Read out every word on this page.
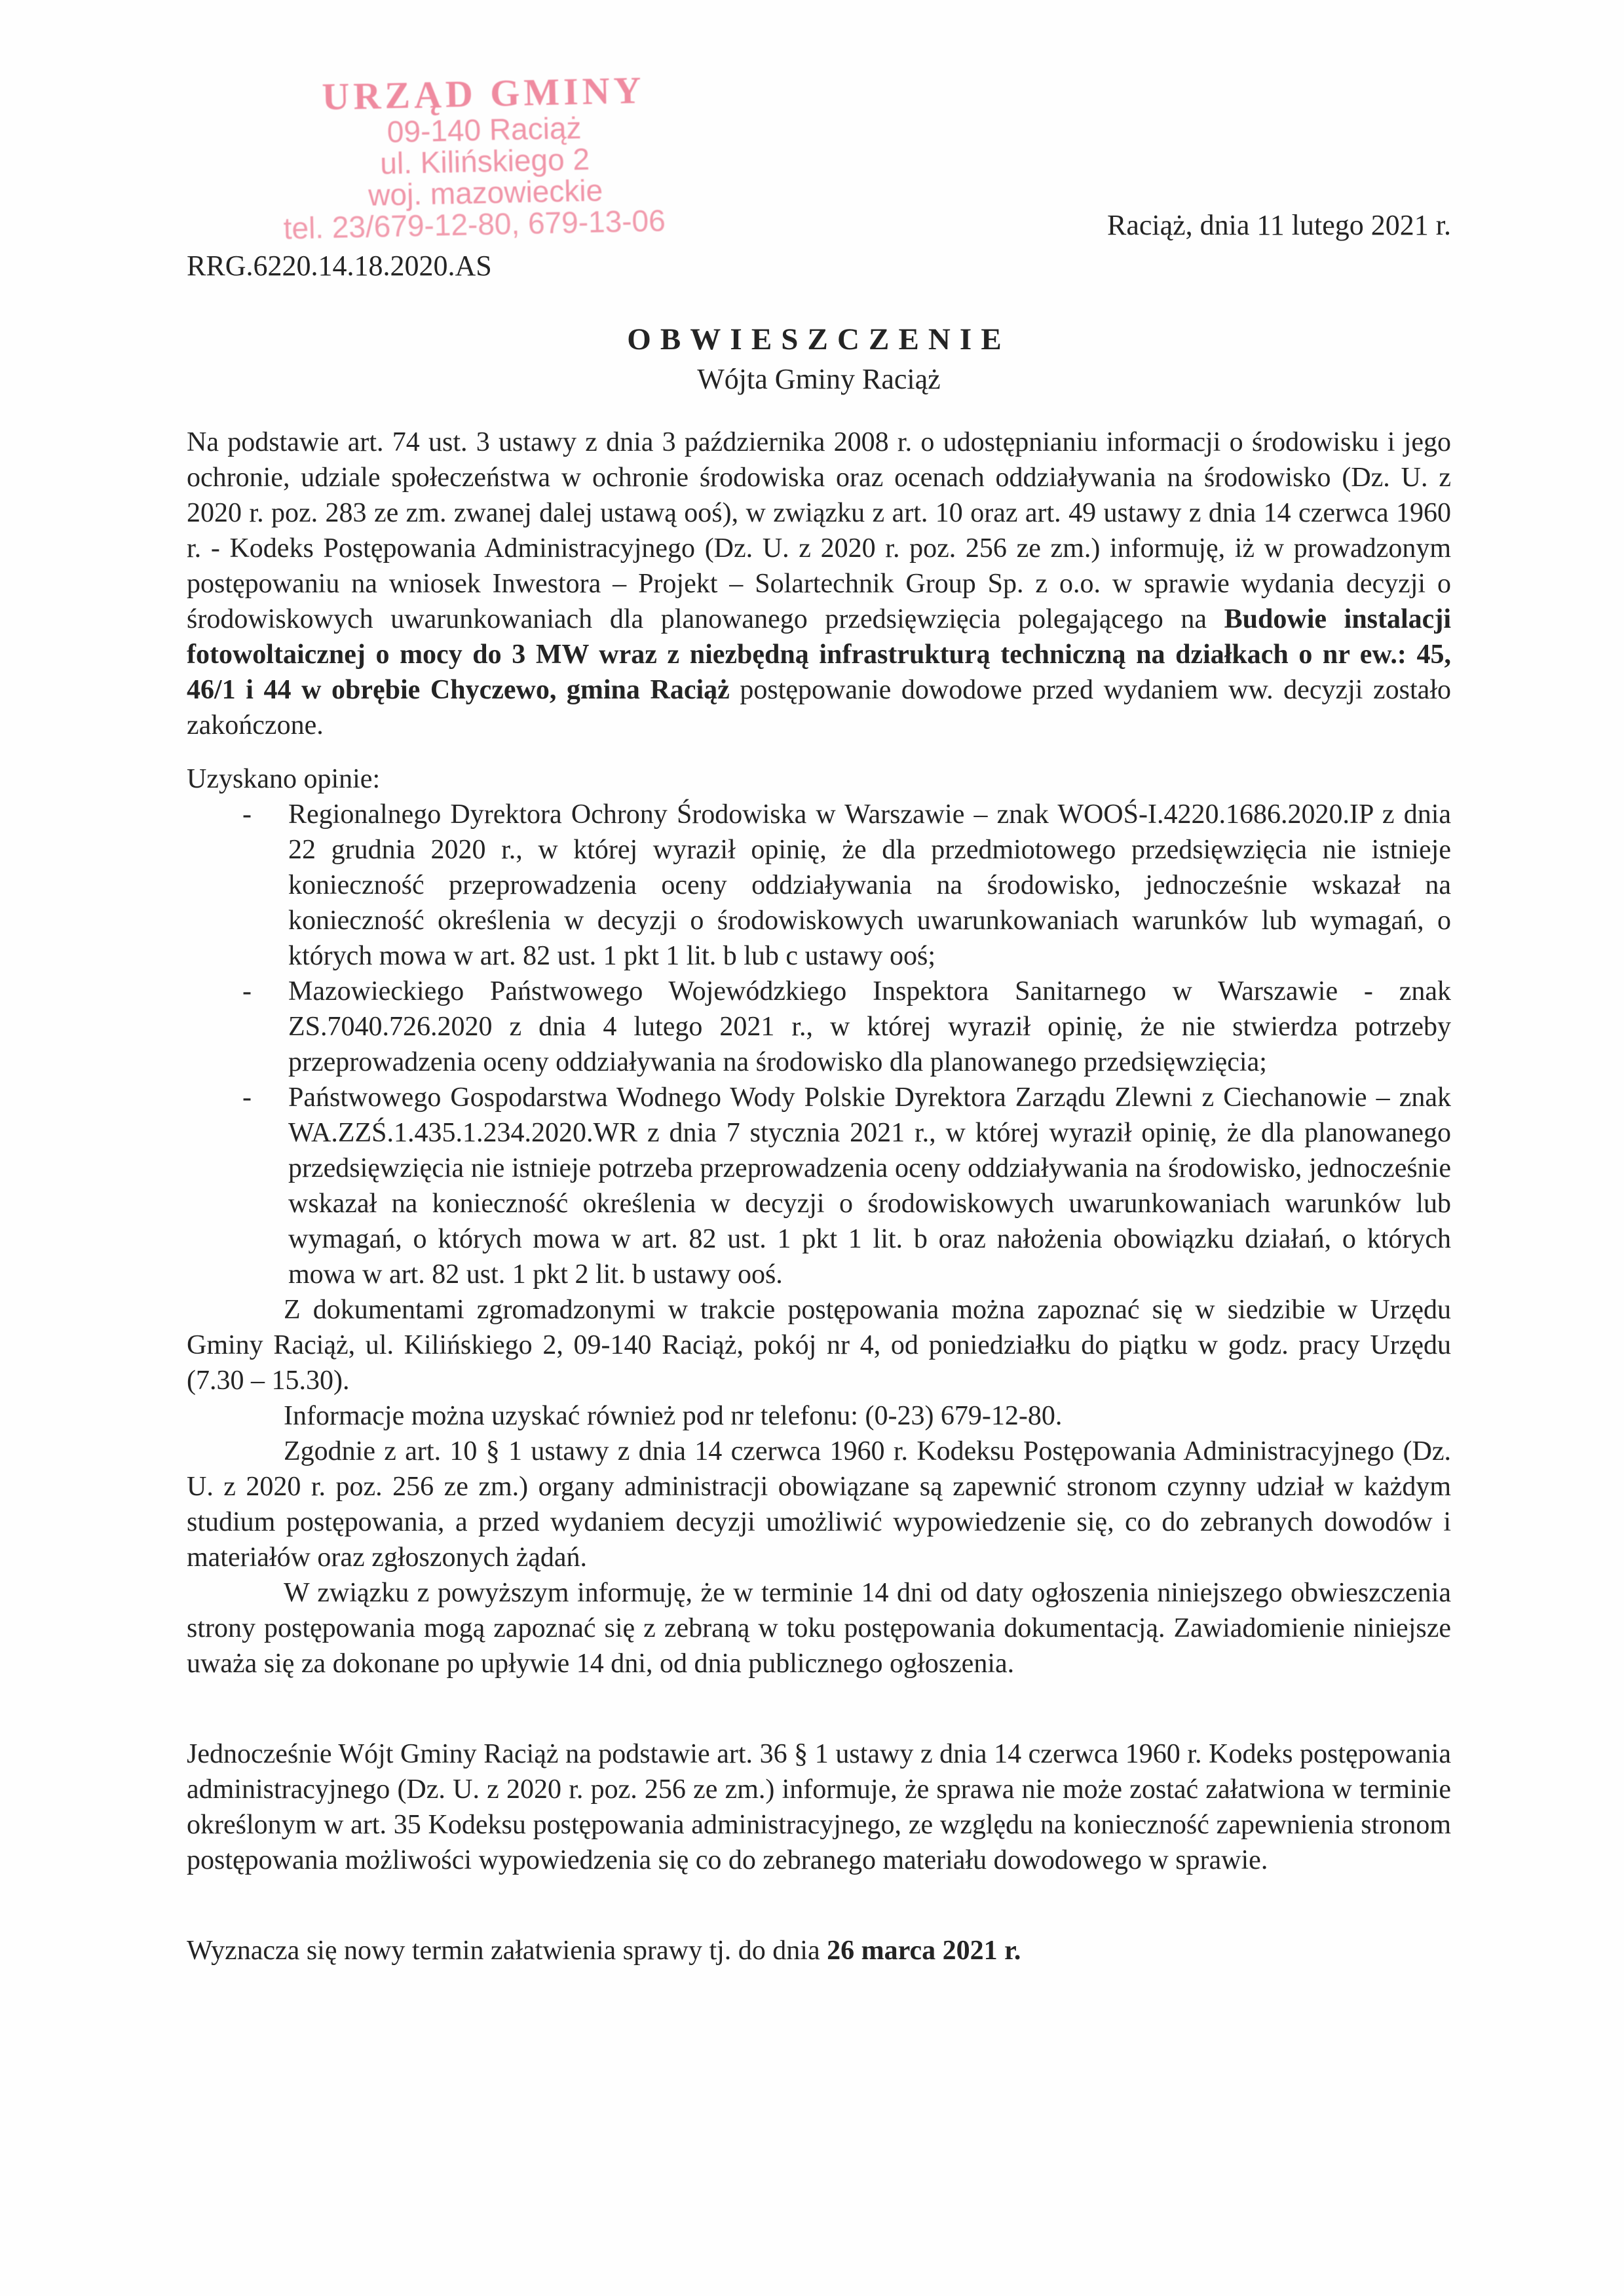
URZĄD GMINY
09-140 Raciąż
ul. Kilińskiego 2
woj. mazowieckie
tel. 23/679-12-80, 679-13-06	Raciąż, dnia 11 lutego 2021 r.
RRG.6220.14.18.2020.AS
OBWIESZCZENIE
Wójta Gminy Raciąż

Na podstawie art. 74 ust. 3 ustawy z dnia 3 października 2008 r. o udostępnianiu informacji o środowisku i jego ochronie, udziale społeczeństwa w ochronie środowiska oraz ocenach oddziaływania na środowisko (Dz. U. z 2020 r. poz. 283 ze zm. zwanej dalej ustawą ooś), w związku z art. 10 oraz art. 49 ustawy z dnia 14 czerwca 1960 r. - Kodeks Postępowania Administracyjnego (Dz. U. z 2020 r. poz. 256 ze zm.) informuję, iż w prowadzonym postępowaniu na wniosek Inwestora – Projekt – Solartechnik Group Sp. z o.o. w sprawie wydania decyzji o środowiskowych uwarunkowaniach dla planowanego przedsięwzięcia polegającego na Budowie instalacji fotowoltaicznej o mocy do 3 MW wraz z niezbędną infrastrukturą techniczną na działkach o nr ew.: 45, 46/1 i 44 w obrębie Chyczewo, gmina Raciąż postępowanie dowodowe przed wydaniem ww. decyzji zostało zakończone.

Uzyskano opinie:

-	Regionalnego Dyrektora Ochrony Środowiska w Warszawie – znak WOOŚ-I.4220.1686.2020.IP z dnia 22 grudnia 2020 r., w której wyraził opinię, że dla przedmiotowego przedsięwzięcia nie istnieje konieczność przeprowadzenia oceny oddziaływania na środowisko, jednocześnie wskazał na konieczność określenia w decyzji o środowiskowych uwarunkowaniach warunków lub wymagań, o których mowa w art. 82 ust. 1 pkt 1 lit. b lub c ustawy ooś;
-	Mazowieckiego Państwowego Wojewódzkiego Inspektora Sanitarnego w Warszawie - znak ZS.7040.726.2020 z dnia 4 lutego 2021 r., w której wyraził opinię, że nie stwierdza potrzeby przeprowadzenia oceny oddziaływania na środowisko dla planowanego przedsięwzięcia;
-	Państwowego Gospodarstwa Wodnego Wody Polskie Dyrektora Zarządu Zlewni z Ciechanowie – znak WA.ZZŚ.1.435.1.234.2020.WR z dnia 7 stycznia 2021 r., w której wyraził opinię, że dla planowanego przedsięwzięcia nie istnieje potrzeba przeprowadzenia oceny oddziaływania na środowisko, jednocześnie wskazał na konieczność określenia w decyzji o środowiskowych uwarunkowaniach warunków lub wymagań, o których mowa w art. 82 ust. 1 pkt 1 lit. b oraz nałożenia obowiązku działań, o których mowa w art. 82 ust. 1 pkt 2 lit. b ustawy ooś.

Z dokumentami zgromadzonymi w trakcie postępowania można zapoznać się w siedzibie w Urzędu Gminy Raciąż, ul. Kilińskiego 2, 09-140 Raciąż, pokój nr 4, od poniedziałku do piątku w godz. pracy Urzędu (7.30 – 15.30).

Informacje można uzyskać również pod nr telefonu: (0-23) 679-12-80.

Zgodnie z art. 10 § 1 ustawy z dnia 14 czerwca 1960 r. Kodeksu Postępowania Administracyjnego (Dz. U. z 2020 r. poz. 256 ze zm.) organy administracji obowiązane są zapewnić stronom czynny udział w każdym studium postępowania, a przed wydaniem decyzji umożliwić wypowiedzenie się, co do zebranych dowodów i materiałów oraz zgłoszonych żądań.

W związku z powyższym informuję, że w terminie 14 dni od daty ogłoszenia niniejszego obwieszczenia strony postępowania mogą zapoznać się z zebraną w toku postępowania dokumentacją. Zawiadomienie niniejsze uważa się za dokonane po upływie 14 dni, od dnia publicznego ogłoszenia.

Jednocześnie Wójt Gminy Raciąż na podstawie art. 36 § 1 ustawy z dnia 14 czerwca 1960 r. Kodeks postępowania administracyjnego (Dz. U. z 2020 r. poz. 256 ze zm.) informuje, że sprawa nie może zostać załatwiona w terminie określonym w art. 35 Kodeksu postępowania administracyjnego, ze względu na konieczność zapewnienia stronom postępowania możliwości wypowiedzenia się co do zebranego materiału dowodowego w sprawie.

Wyznacza się nowy termin załatwienia sprawy tj. do dnia 26 marca 2021 r.
